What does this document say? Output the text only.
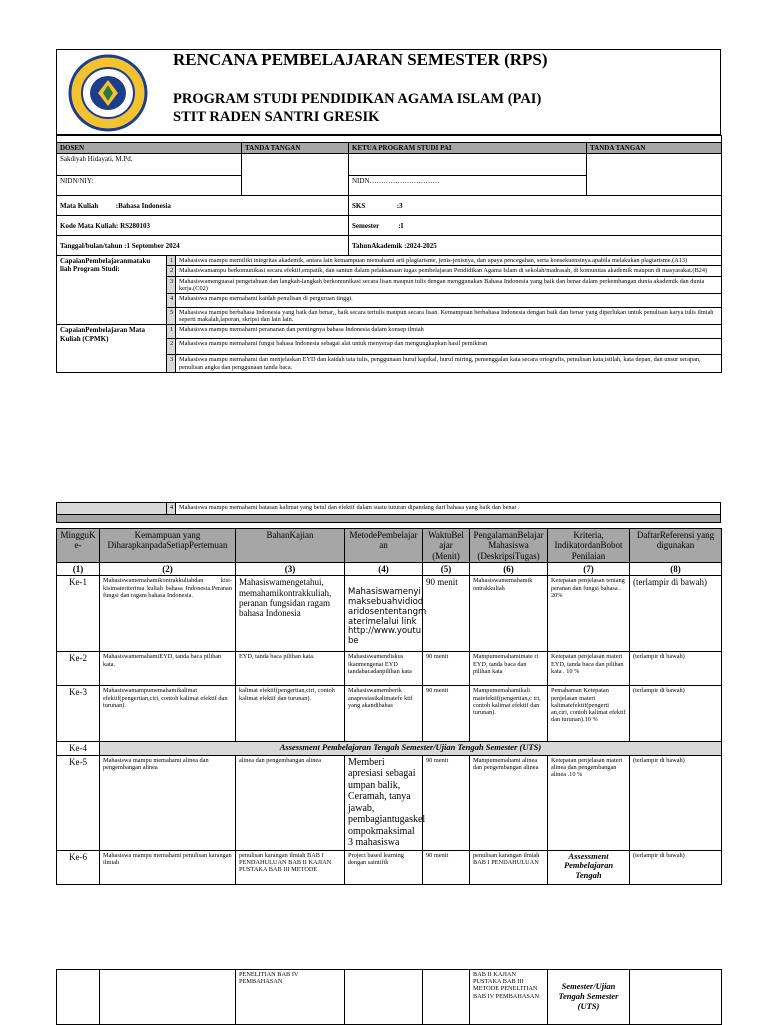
RENCANA PEMBELAJARAN SEMESTER (RPS)
PROGRAM STUDI PENDIDIKAN AGAMA ISLAM (PAI)
STIT RADEN SANTRI GRESIK

DOSEN			TANDA TANGAN	KETUA PROGRAM STUDI PAI	TANDA TANGAN
Sakdiyah Hidayati, M.Pd.					
NIDN/NIY:				NIDN…………………………	
Mata Kuliah          :Bahasa Indonesia				SKS                  :3	
Kode Mata Kuliah: RS280103				Semester           :I	
Tanggal/bulan/tahun :1 September 2024				TahunAkademik :2024-2025	
CapaianPembelajaranmataku liah Program Studi:	1	Mahasiswa mampu memiliki integritas akademik, antara lain kemampuan memahami arti plagiarisme, jenis-jenisnya, dan upaya pencegahan, serta konsekuensinya apabila melakukan plagiarisme.(A13)			
	2	Mahasiswamampu berkomunikasi secara efektif,empatik, dan santun dalam pelaksanaan tugas pembelajaran Pendidikan Agama Islam di sekolah/madrasah, di komunitas akademik maupun di masyarakat.(B24)			
	3	Mahasiswamenguasai pengetahuan dan langkah-langkah berkomunikasi secara lisan maupun tulis dengan menggunakan Bahasa Indonesia yang baik dan benar dalam perkembangan dunia akademik dan dunia kerja.(C02)			
	4	Mahasiswa mampu memahami kaidah penulisan di perguruan tinggi.			
	5	Mahasiswa mampu berbahasa Indonesia yang baik dan benar,, baik secara tertulis maupun secara lisan. Kemampuan berbahasa Indonesia dengan baik dan benar yang diperlukan untuk penulisan karya tulis ilmiah seperti makalah,laporan, skripsi dan lain lain.			
CapaianPembelajaran Mata Kuliah (CPMK)	1	Mahasiswa mampu memahami perananan dan pentingnya bahasa Indonesia dalam konsep ilmiah			
	2	Mahasiswa mampu memahami fungsi bahasa Indonesia sebagai alat untuk menyerap dan mengungkapkan hasil pemikiran			
	3	Mahasiswa mampu memahami dan menjelaskan EYD dan kaidah tata tulis, penggunaan huruf kapikal, huruf miring, pemenggalan kata secara ortografis, penulisan kata,istilah, kata depan, dan unsur serapan, penulisan angka dan penggunaan tanda baca.			
	4	Mahasiswa mampu memahami batasan kalimat yang betul dan efektif dalam suatu tuturan dipandang dari bahasa yang baik dan benar .

MingguK e-	Kemampuan yang DiharapkanpadaSetiapPertemuan	BahanKajian	MetodePembelajar an	WaktuBel ajar (Menit)	PengalamanBelajar Mahasiswa (DeskripsiTugas)	Kriteria, IndikatordanBobot Penilaian	DaftarReferensi yang digunakan
(1)	(2)	(3)	(4)	(5)	(6)	(7)	(8)
Ke-1	Mahasiswamemahamikontrakkuliahdan kisi-kisimateriterima kuliah bahasa Indonesia.Peranan fungsi dan ragam bahasa Indonesia.	Mahasiswamengetahui, memahamikontrakkuliah, peranan fungsidan ragam bahasa Indonesia	Mahasiswamenyi maksebuahvidiod aridosententangm aterimelalui link http://www.youtu be	90 menit	Mahasiswamemahamik ontrakkuliah	Ketepatan penjelasan tentang peranan dan fungsi bahasa . 20%	(terlampir di bawah)
Ke-2	MahasiswamemahamiEYD, tanda baca pilihan kata.	EYD, tanda baca pilihan kata.	Mahasiswamendiskus ikanmengenai EYD tandabacadanpilihan kata	90 menit	Mampumemahamimate ri EYD, tanda baca dan pilihan kata	Ketepatan penjelasan materi EYD, tanda baca dan pilihan kata . 10 %	(terlampir di bawah)
Ke-3	Mahasiswamampumemahamikalimat efektif(pengertian,ciri, contoh kalimat efektif dan turunan).	kalimat efektif(pengertian,ciri, contoh kalimat efektif dan turunan).	Mahasiswamemberik anapresiasikalimatefe ktif yang akandibahas	90 menit	Mampumemahamikali matefektif(pengertian,c iri, contoh kalimat efektif dan turunan).	Pemahaman Ketepatan penjelasan materi kalimatefektif(pengerti an,ciri, contoh kalimat efektif dan turunan).10 %	(terlampir di bawah)
Ke-4	Assessment Pembelajaran Tengah Semester/Ujian Tengah Semester (UTS)						
Ke-5	Mahasiswa mampu memahami alinea dan pengembangan alinea	alinea dan pengembangan alinea	Memberi apresiasi sebagai umpan balik, Ceramah, tanya jawab, pembagiantugaskel ompokmaksimal 3 mahasiswa	90 menit	Mampumemahami alinea dan pengembangan alinea	Ketepatan penjelasan materi alinea dan pengembangan alinea .10 %	(terlampir di bawah)
Ke-6	Mahasiswa mampu memahami penulisan karangan ilmiah	penulisan karangan ilmiah BAB I PENDAHULUAN BAB II KAJIAN PUSTAKA BAB III METODE	Project based learning dengan saintifik	90 menit	penulisan karangan ilmiah BAB I PENDAHULUAN	Assessment Pembelajaran Tengah	(terlampir di bawah)
		PENELITIAN BAB IV PEMBAHASAN			BAB II KAJIAN PUSTAKA BAB III METODE PENELITIAN BAB IV PEMBAHASAN	Semester/Ujian Tengah Semester (UTS)	
